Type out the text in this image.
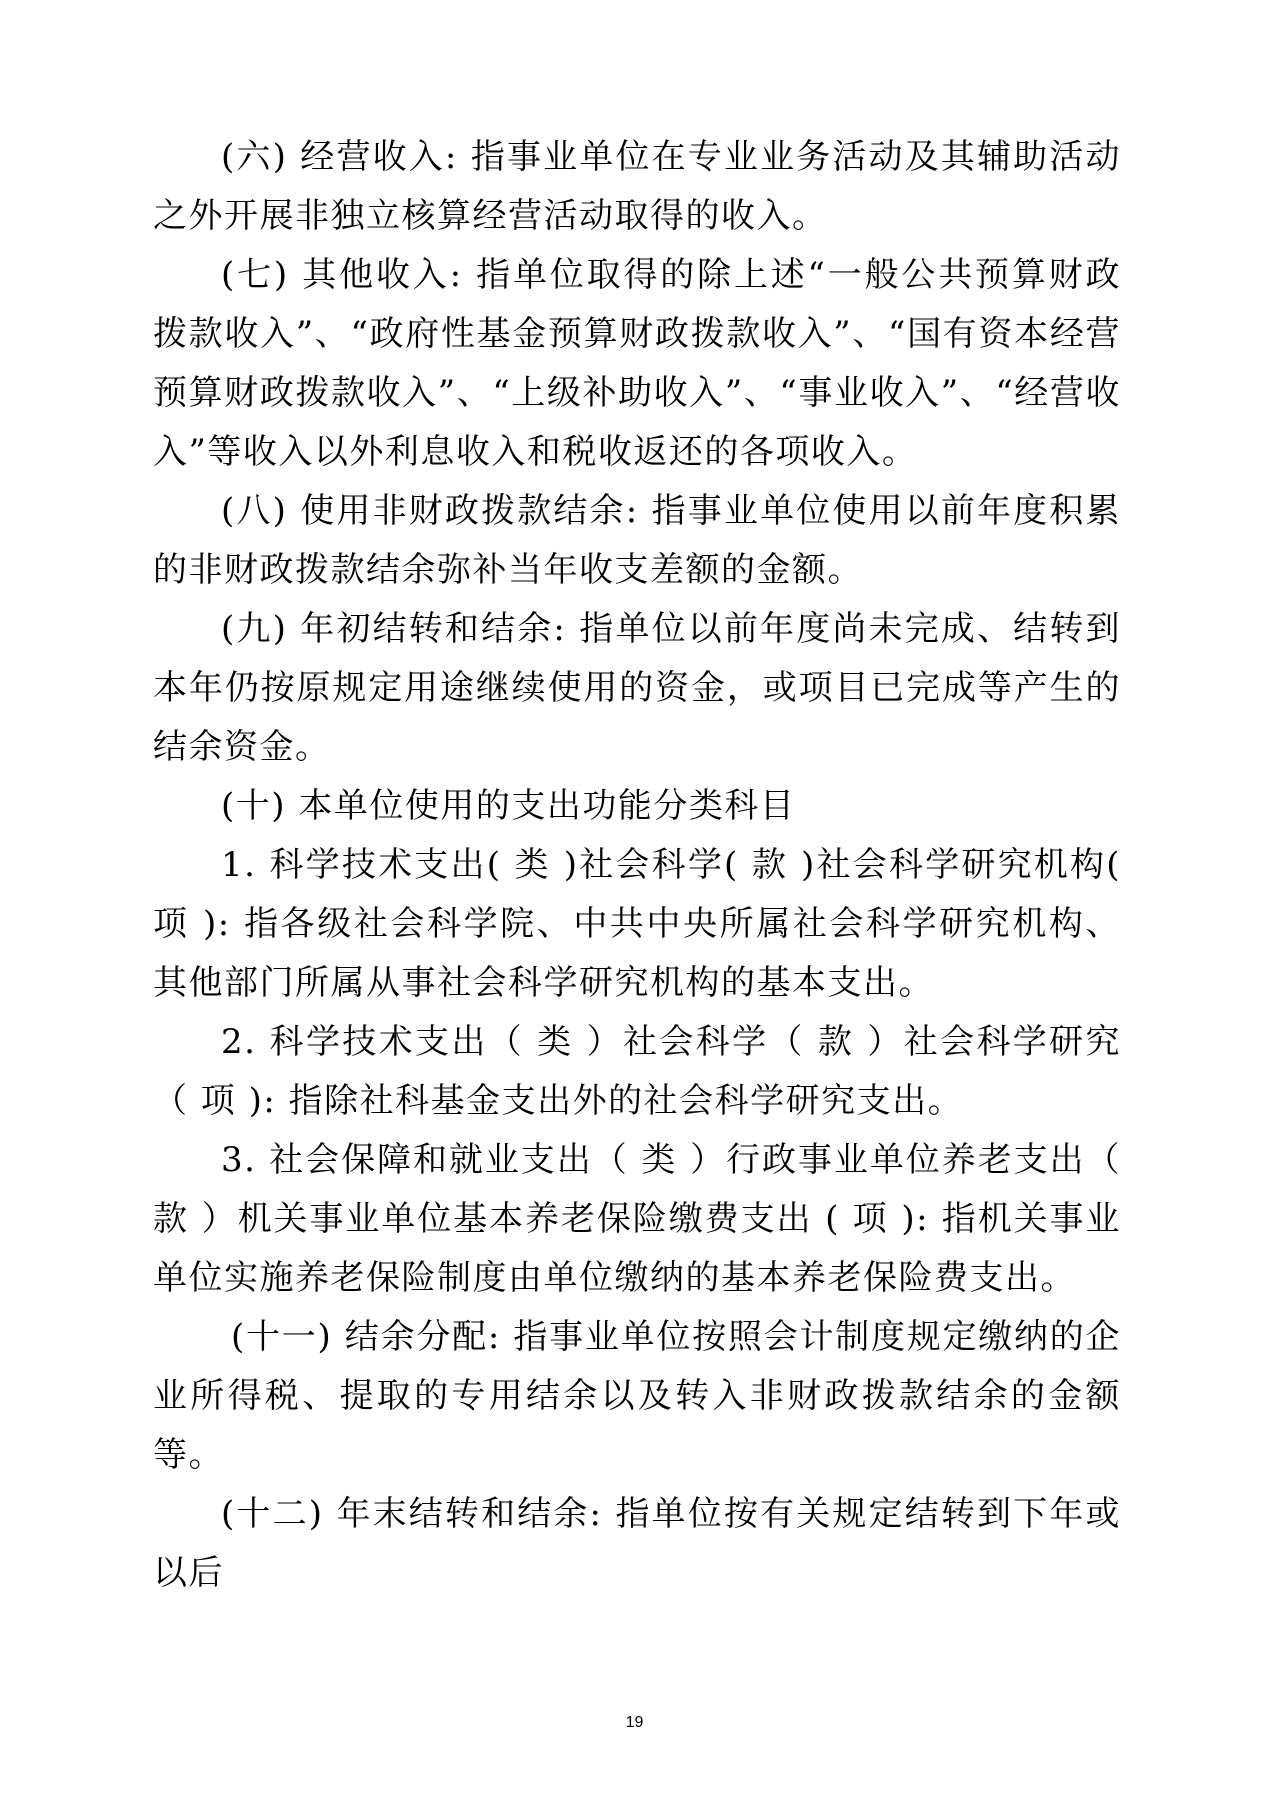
(六) 经营收入: 指事业单位在专业业务活动及其辅助活动之外开展非独立核算经营活动取得的收入。

(七) 其他收入: 指单位取得的除上述“一般公共预算财政拨款收入”、“政府性基金预算财政拨款收入”、“国有资本经营预算财政拨款收入”、“上级补助收入”、“事业收入”、“经营收入”等收入以外利息收入和税收返还的各项收入。

(八) 使用非财政拨款结余: 指事业单位使用以前年度积累的非财政拨款结余弥补当年收支差额的金额。

(九) 年初结转和结余: 指单位以前年度尚未完成、结转到本年仍按原规定用途继续使用的资金，或项目已完成等产生的结余资金。

(十) 本单位使用的支出功能分类科目

1. 科学技术支出( 类 )社会科学( 款 )社会科学研究机构( 项 ): 指各级社会科学院、中共中央所属社会科学研究机构、其他部门所属从事社会科学研究机构的基本支出。

2. 科学技术支出（ 类 ）社会科学（ 款 ）社会科学研究（ 项 ): 指除社科基金支出外的社会科学研究支出。

3. 社会保障和就业支出（ 类 ）行政事业单位养老支出（ 款 ）机关事业单位基本养老保险缴费支出 ( 项 ): 指机关事业单位实施养老保险制度由单位缴纳的基本养老保险费支出。

(十一) 结余分配: 指事业单位按照会计制度规定缴纳的企业所得税、提取的专用结余以及转入非财政拨款结余的金额等。

(十二) 年末结转和结余: 指单位按有关规定结转到下年或以后

19
